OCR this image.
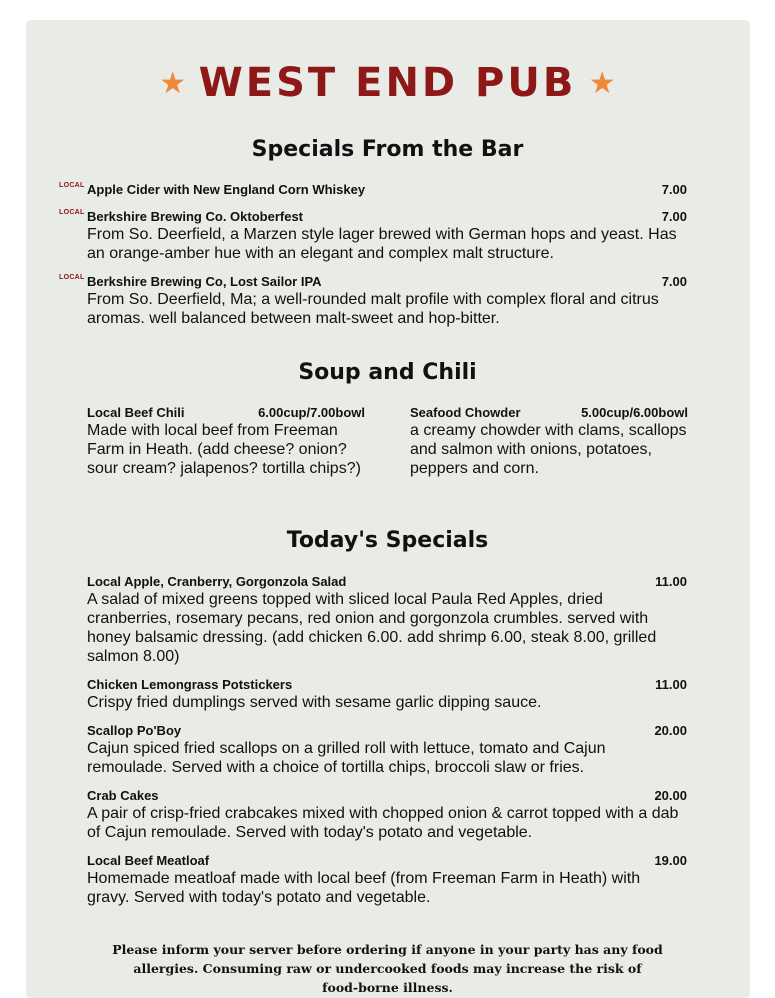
★ WEST END PUB ★
Specials From the Bar
LOCAL Apple Cider with New England Corn Whiskey	7.00
LOCAL Berkshire Brewing Co. Oktoberfest	7.00
From So. Deerfield, a Marzen style lager brewed with German hops and yeast. Has an orange-amber hue with an elegant and complex malt structure.
LOCAL Berkshire Brewing Co, Lost Sailor IPA	7.00
From So. Deerfield, Ma; a well-rounded malt profile with complex floral and citrus aromas. well balanced between malt-sweet and hop-bitter.
Soup and Chili
Local Beef Chili	6.00cup/7.00bowl
Made with local beef from Freeman Farm in Heath. (add cheese? onion? sour cream? jalapenos? tortilla chips?)
Seafood Chowder	5.00cup/6.00bowl
a creamy chowder with clams, scallops and salmon with onions, potatoes, peppers and corn.
Today's Specials
Local Apple, Cranberry, Gorgonzola Salad	11.00
A salad of mixed greens topped with sliced local Paula Red Apples, dried cranberries, rosemary pecans, red onion and gorgonzola crumbles. served with honey balsamic dressing. (add chicken 6.00. add shrimp 6.00, steak 8.00, grilled salmon 8.00)
Chicken Lemongrass Potstickers	11.00
Crispy fried dumplings served with sesame garlic dipping sauce.
Scallop Po'Boy	20.00
Cajun spiced fried scallops on a grilled roll with lettuce, tomato and Cajun remoulade. Served with a choice of tortilla chips, broccoli slaw or fries.
Crab Cakes	20.00
A pair of crisp-fried crabcakes mixed with chopped onion & carrot topped with a dab of Cajun remoulade. Served with today's potato and vegetable.
Local Beef Meatloaf	19.00
Homemade meatloaf made with local beef (from Freeman Farm in Heath) with gravy. Served with today's potato and vegetable.
Please inform your server before ordering if anyone in your party has any food
allergies. Consuming raw or undercooked foods may increase the risk of
food-borne illness.
